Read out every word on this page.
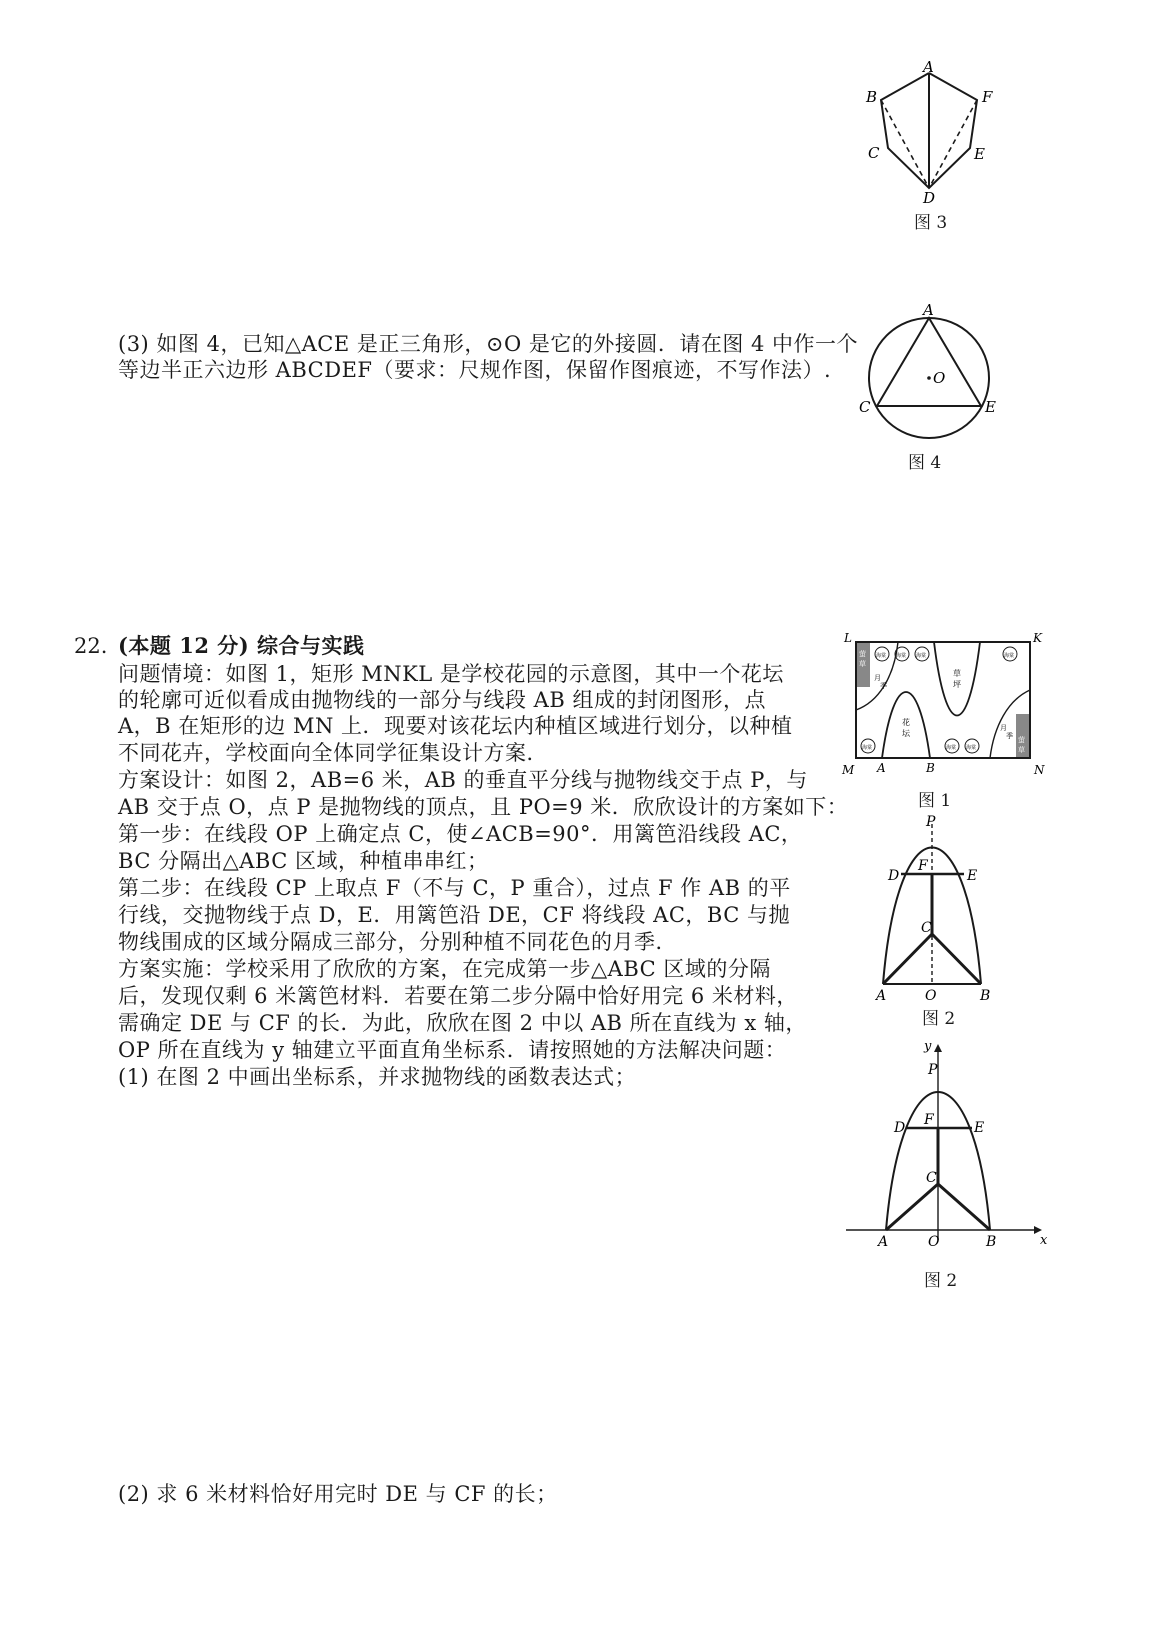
A
B
C
D
E
F
图 3
(3) 如图 4，已知△ACE 是正三角形，⊙O 是它的外接圆．请在图 4 中作一个
等边半正六边形 ABCDEF（要求：尺规作图，保留作图痕迹，不写作法）.
A
C	E
O
图 4
22. (本题 12 分) 综合与实践
问题情境：如图 1，矩形 MNKL 是学校花园的示意图，其中一个花坛
的轮廓可近似看成由抛物线的一部分与线段 AB 组成的封闭图形，点
A，B 在矩形的边 MN 上．现要对该花坛内种植区域进行划分，以种植
不同花卉，学校面向全体同学征集设计方案．
方案设计：如图 2，AB=6 米，AB 的垂直平分线与抛物线交于点 P，与
AB 交于点 O，点 P 是抛物线的顶点，且 PO=9 米．欣欣设计的方案如下：
第一步：在线段 OP 上确定点 C，使∠ACB=90°．用篱笆沿线段 AC，
BC 分隔出△ABC 区域，种植串串红；
第二步：在线段 CP 上取点 F（不与 C，P 重合），过点 F 作 AB 的平
行线，交抛物线于点 D，E．用篱笆沿 DE，CF 将线段 AC，BC 与抛
物线围成的区域分隔成三部分，分别种植不同花色的月季．
方案实施：学校采用了欣欣的方案，在完成第一步△ABC 区域的分隔
后，发现仅剩 6 米篱笆材料．若要在第二步分隔中恰好用完 6 米材料，
需确定 DE 与 CF 的长．为此，欣欣在图 2 中以 AB 所在直线为 x 轴，
OP 所在直线为 y 轴建立平面直角坐标系．请按照她的方法解决问题：
(1) 在图 2 中画出坐标系，并求抛物线的函数表达式；
(2) 求 6 米材料恰好用完时 DE 与 CF 的长；
海棠 海棠 海棠	海棠
海棠	海棠 海棠
花
坛
草
坪
萤
草
萤
草
月
季
月
季
L	K
M	N
A	B
图 1
P
F
D	E
C
A	O	B
图 2
y
x
P
F
D	E
C
A	O	B
图 2
